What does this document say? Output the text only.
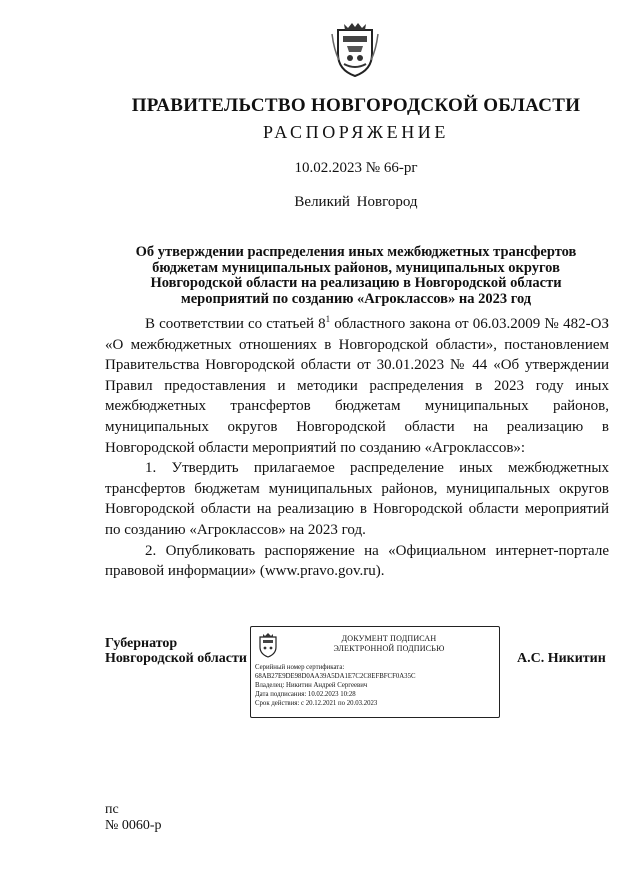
ПРАВИТЕЛЬСТВО НОВГОРОДСКОЙ ОБЛАСТИ
РАСПОРЯЖЕНИЕ
10.02.2023 № 66-рг
Великий Новгород
Об утверждении распределения иных межбюджетных трансфертов бюджетам муниципальных районов, муниципальных округов Новгородской области на реализацию в Новгородской области мероприятий по созданию «Агроклассов» на 2023 год

В соответствии со статьей $8^1$ областного закона от 06.03.2009 № 482-ОЗ «О межбюджетных отношениях в Новгородской области», постановлением Правительства Новгородской области от 30.01.2023 № 44 «Об утверждении Правил предоставления и методики распределения в 2023 году иных межбюджетных трансфертов бюджетам муниципальных районов, муниципальных округов Новгородской области на реализацию в Новгородской области мероприятий по созданию «Агроклассов»:

1. Утвердить прилагаемое распределение иных межбюджетных трансфертов бюджетам муниципальных районов, муниципальных округов Новгородской области на реализацию в Новгородской области мероприятий по созданию «Агроклассов» на 2023 год.

2. Опубликовать распоряжение на «Официальном интернет-портале правовой информации» (www.pravo.gov.ru).

Губернатор
Новгородской области
ДОКУМЕНТ ПОДПИСАН
ЭЛЕКТРОННОЙ ПОДПИСЬЮ
Серийный номер сертификата:
68AB27E9DE98D0AA39A5DA1E7C2C8EFBFCF0A35C
Владелец: Никитин Андрей Сергеевич
Дата подписания: 10.02.2023 10:28
Срок действия: с 20.12.2021 по 20.03.2023
А.С. Никитин
пс
№ 0060-р
